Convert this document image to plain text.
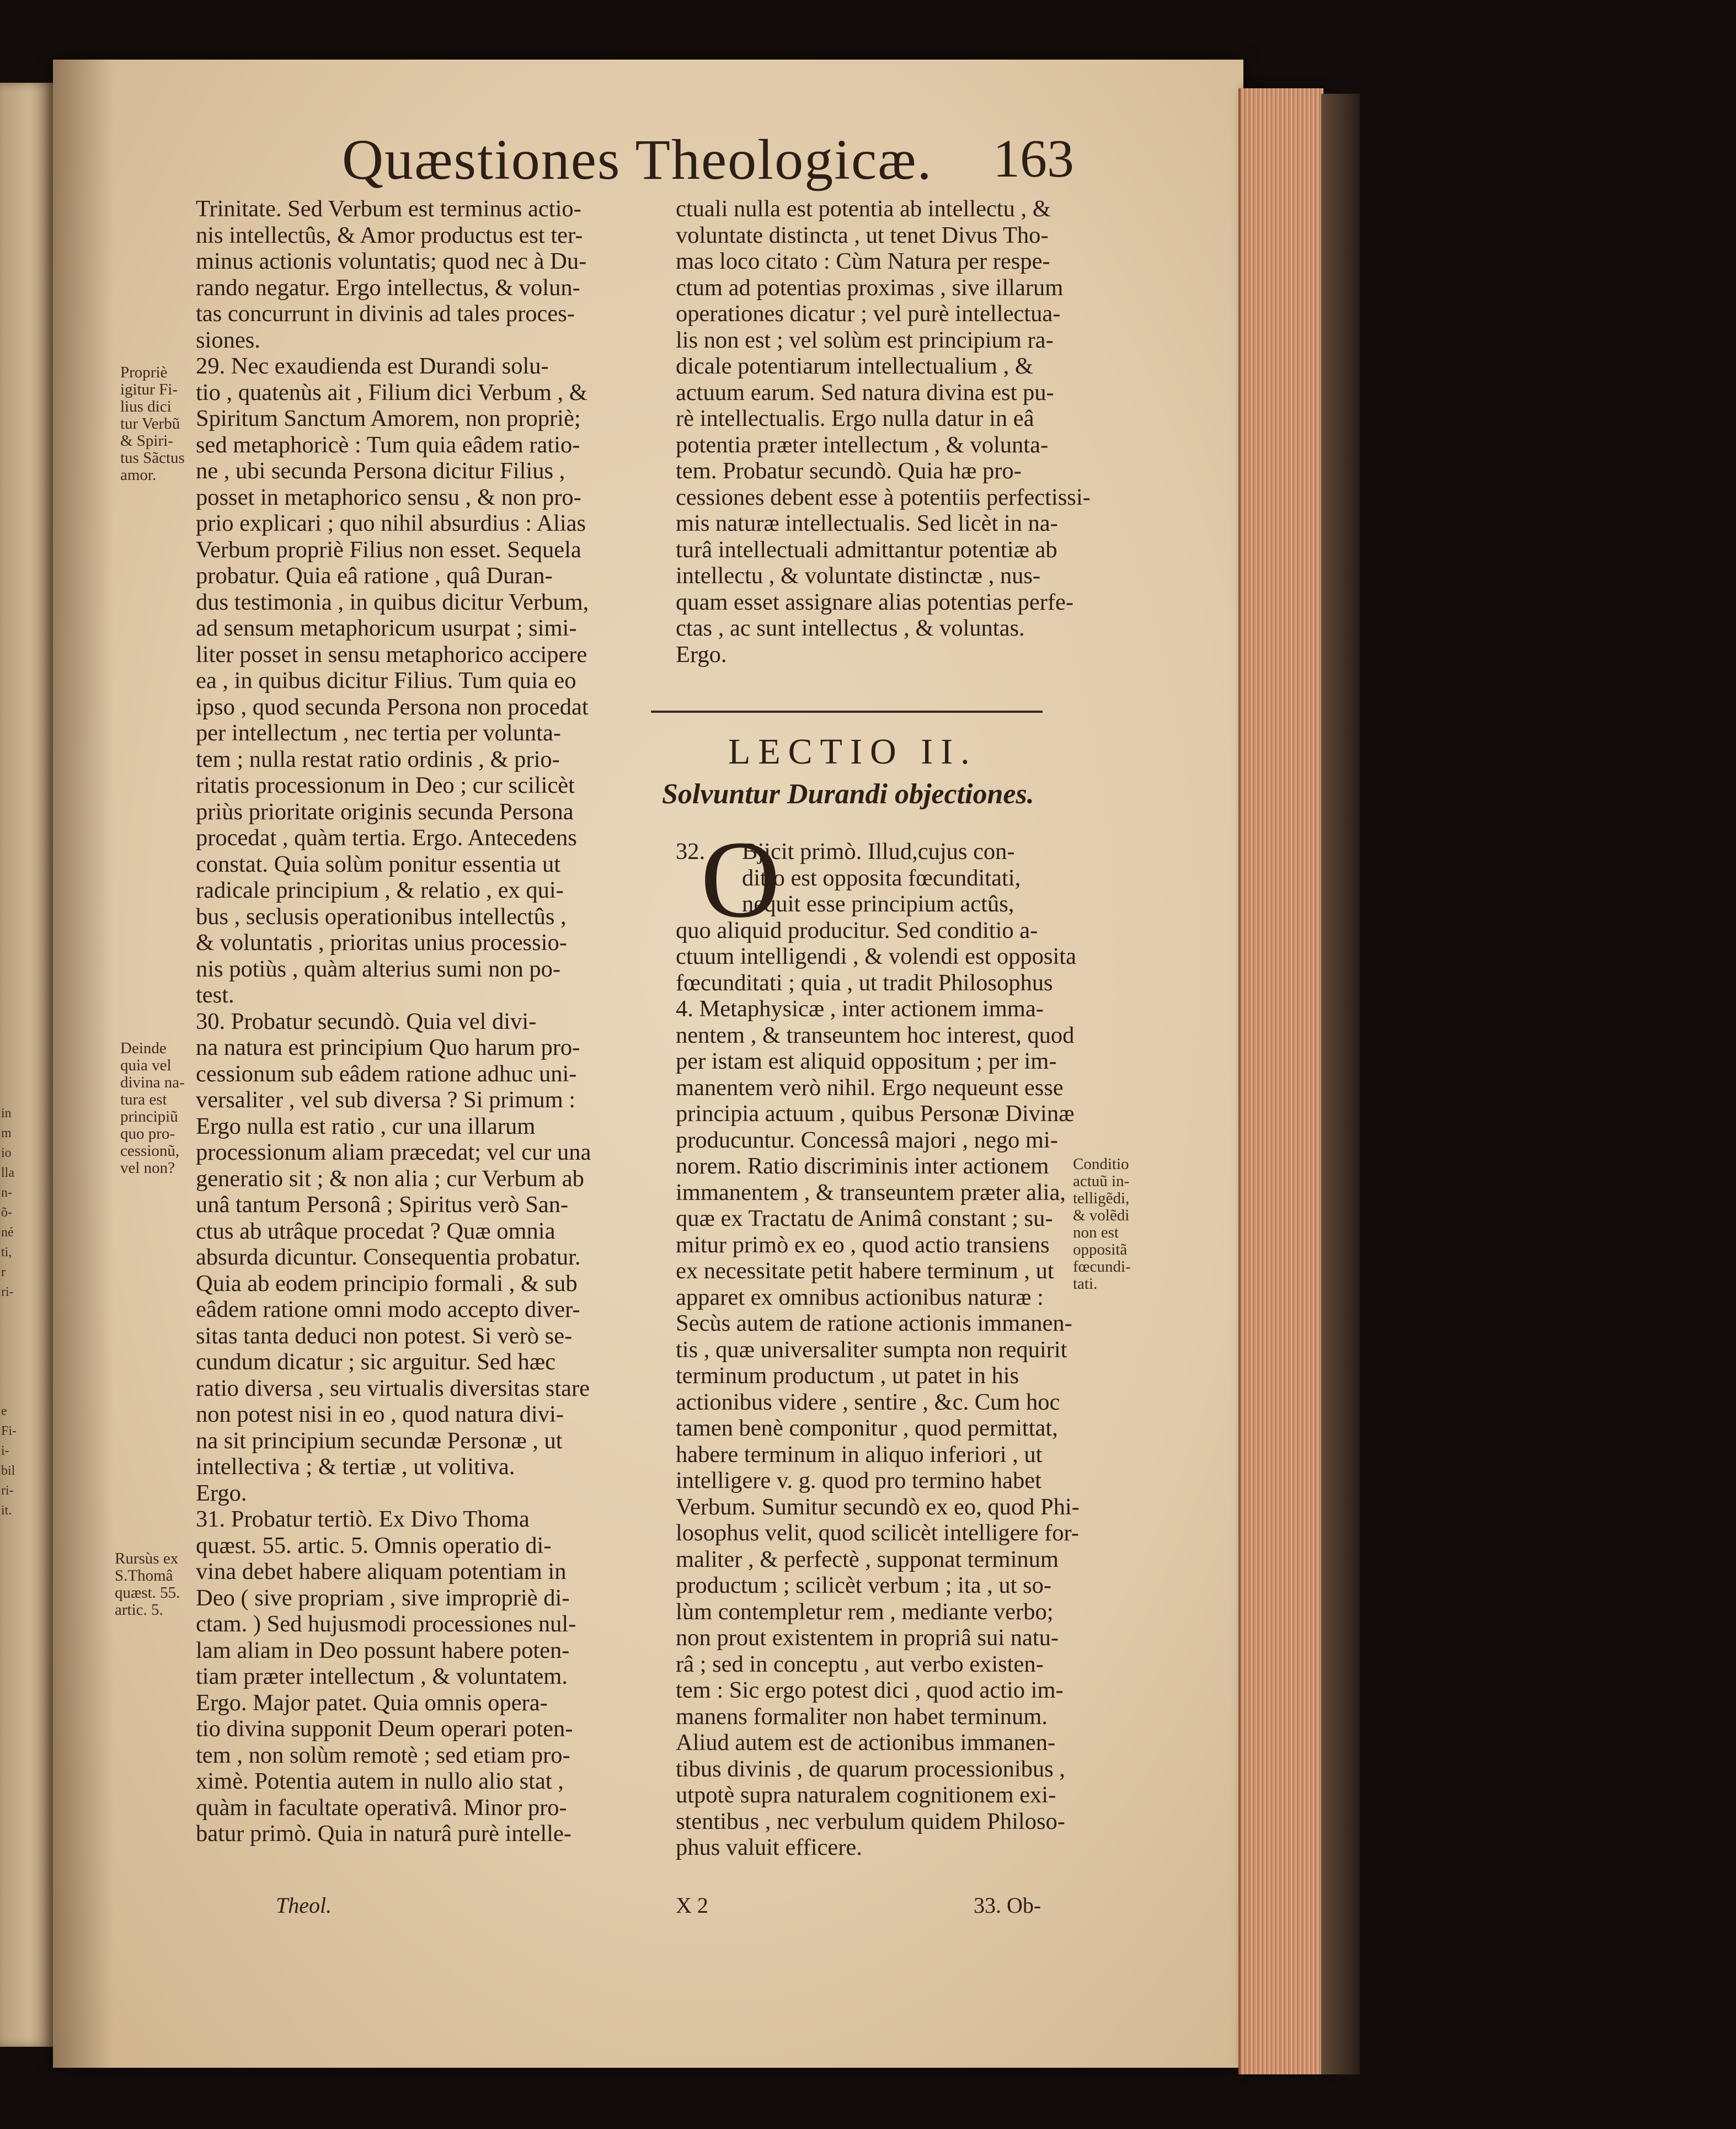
in
m
io
lla
n-
õ-
né
ti,
r
ri-

e
Fi-
i-
bil
ri-
it.
Quæstiones Theologicæ.	163
Trinitate. Sed Verbum est terminus actio-
nis intellectûs, & Amor productus est ter-
minus actionis voluntatis; quod nec à Du-
rando negatur. Ergo intellectus, & volun-
tas concurrunt in divinis ad tales proces-
siones.
29. Nec exaudienda est Durandi solu-
tio , quatenùs ait , Filium dici Verbum , &
Spiritum Sanctum Amorem, non propriè;
sed metaphoricè : Tum quia eâdem ratio-
ne , ubi secunda Persona dicitur Filius ,
posset in metaphorico sensu , & non pro-
prio explicari ; quo nihil absurdius : Alias
Verbum propriè Filius non esset. Sequela
probatur. Quia eâ ratione , quâ Duran-
dus testimonia , in quibus dicitur Verbum,
ad sensum metaphoricum usurpat ; simi-
liter posset in sensu metaphorico accipere
ea , in quibus dicitur Filius. Tum quia eo
ipso , quod secunda Persona non procedat
per intellectum , nec tertia per volunta-
tem ; nulla restat ratio ordinis , & prio-
ritatis processionum in Deo ; cur scilicèt
priùs prioritate originis secunda Persona
procedat , quàm tertia. Ergo. Antecedens
constat. Quia solùm ponitur essentia ut
radicale principium , & relatio , ex qui-
bus , seclusis operationibus intellectûs ,
& voluntatis , prioritas unius processio-
nis potiùs , quàm alterius sumi non po-
test.
30. Probatur secundò. Quia vel divi-
na natura est principium Quo harum pro-
cessionum sub eâdem ratione adhuc uni-
versaliter , vel sub diversa ? Si primum :
Ergo nulla est ratio , cur una illarum
processionum aliam præcedat; vel cur una
generatio sit ; & non alia ; cur Verbum ab
unâ tantum Personâ ; Spiritus verò San-
ctus ab utrâque procedat ? Quæ omnia
absurda dicuntur. Consequentia probatur.
Quia ab eodem principio formali , & sub
eâdem ratione omni modo accepto diver-
sitas tanta deduci non potest. Si verò se-
cundum dicatur ; sic arguitur. Sed hæc
ratio diversa , seu virtualis diversitas stare
non potest nisi in eo , quod natura divi-
na sit principium secundæ Personæ , ut
intellectiva ; & tertiæ , ut volitiva.
Ergo.
31. Probatur tertiò. Ex Divo Thoma
quæst. 55. artic. 5. Omnis operatio di-
vina debet habere aliquam potentiam in
Deo ( sive propriam , sive impropriè di-
ctam. ) Sed hujusmodi processiones nul-
lam aliam in Deo possunt habere poten-
tiam præter intellectum , & voluntatem.
Ergo. Major patet. Quia omnis opera-
tio divina supponit Deum operari poten-
tem , non solùm remotè ; sed etiam pro-
ximè. Potentia autem in nullo alio stat ,
quàm in facultate operativâ. Minor pro-
batur primò. Quia in naturâ purè intelle-
Propriè
igitur Fi-
lius dici
tur Verbũ
& Spiri-
tus Sãctus
amor.
Deinde
quia vel
divina na-
tura est
principiũ
quo pro-
cessionũ,
vel non?
Rursùs ex
S.Thomâ
quæst. 55.
artic. 5.
ctuali nulla est potentia ab intellectu , &
voluntate distincta , ut tenet Divus Tho-
mas loco citato : Cùm Natura per respe-
ctum ad potentias proximas , sive illarum
operationes dicatur ; vel purè intellectua-
lis non est ; vel solùm est principium ra-
dicale potentiarum intellectualium , &
actuum earum. Sed natura divina est pu-
rè intellectualis. Ergo nulla datur in eâ
potentia præter intellectum , & volunta-
tem. Probatur secundò. Quia hæ pro-
cessiones debent esse à potentiis perfectissi-
mis naturæ intellectualis. Sed licèt in na-
turâ intellectuali admittantur potentiæ ab
intellectu , & voluntate distinctæ , nus-
quam esset assignare alias potentias perfe-
ctas , ac sunt intellectus , & voluntas.
Ergo.
LECTIO II.
Solvuntur Durandi objectiones.
O

32. Bjicit primò. Illud,cujus con-
ditio est opposita fœcunditati,
nequit esse principium actûs,
quo aliquid producitur. Sed conditio a-
ctuum intelligendi , & volendi est opposita
fœcunditati ; quia , ut tradit Philosophus
4. Metaphysicæ , inter actionem imma-
nentem , & transeuntem hoc interest, quod
per istam est aliquid oppositum ; per im-
manentem verò nihil. Ergo nequeunt esse
principia actuum , quibus Personæ Divinæ
producuntur. Concessâ majori , nego mi-
norem. Ratio discriminis inter actionem
immanentem , & transeuntem præter alia,
quæ ex Tractatu de Animâ constant ; su-
mitur primò ex eo , quod actio transiens
ex necessitate petit habere terminum , ut
apparet ex omnibus actionibus naturæ :
Secùs autem de ratione actionis immanen-
tis , quæ universaliter sumpta non requirit
terminum productum , ut patet in his
actionibus videre , sentire , &c. Cum hoc
tamen benè componitur , quod permittat,
habere terminum in aliquo inferiori , ut
intelligere v. g. quod pro termino habet
Verbum. Sumitur secundò ex eo, quod Phi-
losophus velit, quod scilicèt intelligere for-
maliter , & perfectè , supponat terminum
productum ; scilicèt verbum ; ita , ut so-
lùm contempletur rem , mediante verbo;
non prout existentem in propriâ sui natu-
râ ; sed in conceptu , aut verbo existen-
tem : Sic ergo potest dici , quod actio im-
manens formaliter non habet terminum.
Aliud autem est de actionibus immanen-
tibus divinis , de quarum processionibus ,
utpotè supra naturalem cognitionem exi-
stentibus , nec verbulum quidem Philoso-
phus valuit efficere.
Conditio
actuũ in-
telligẽdi,
& volẽdi
non est
oppositã
fœcundi-
tati.
Theol.	X 2	33. Ob-
